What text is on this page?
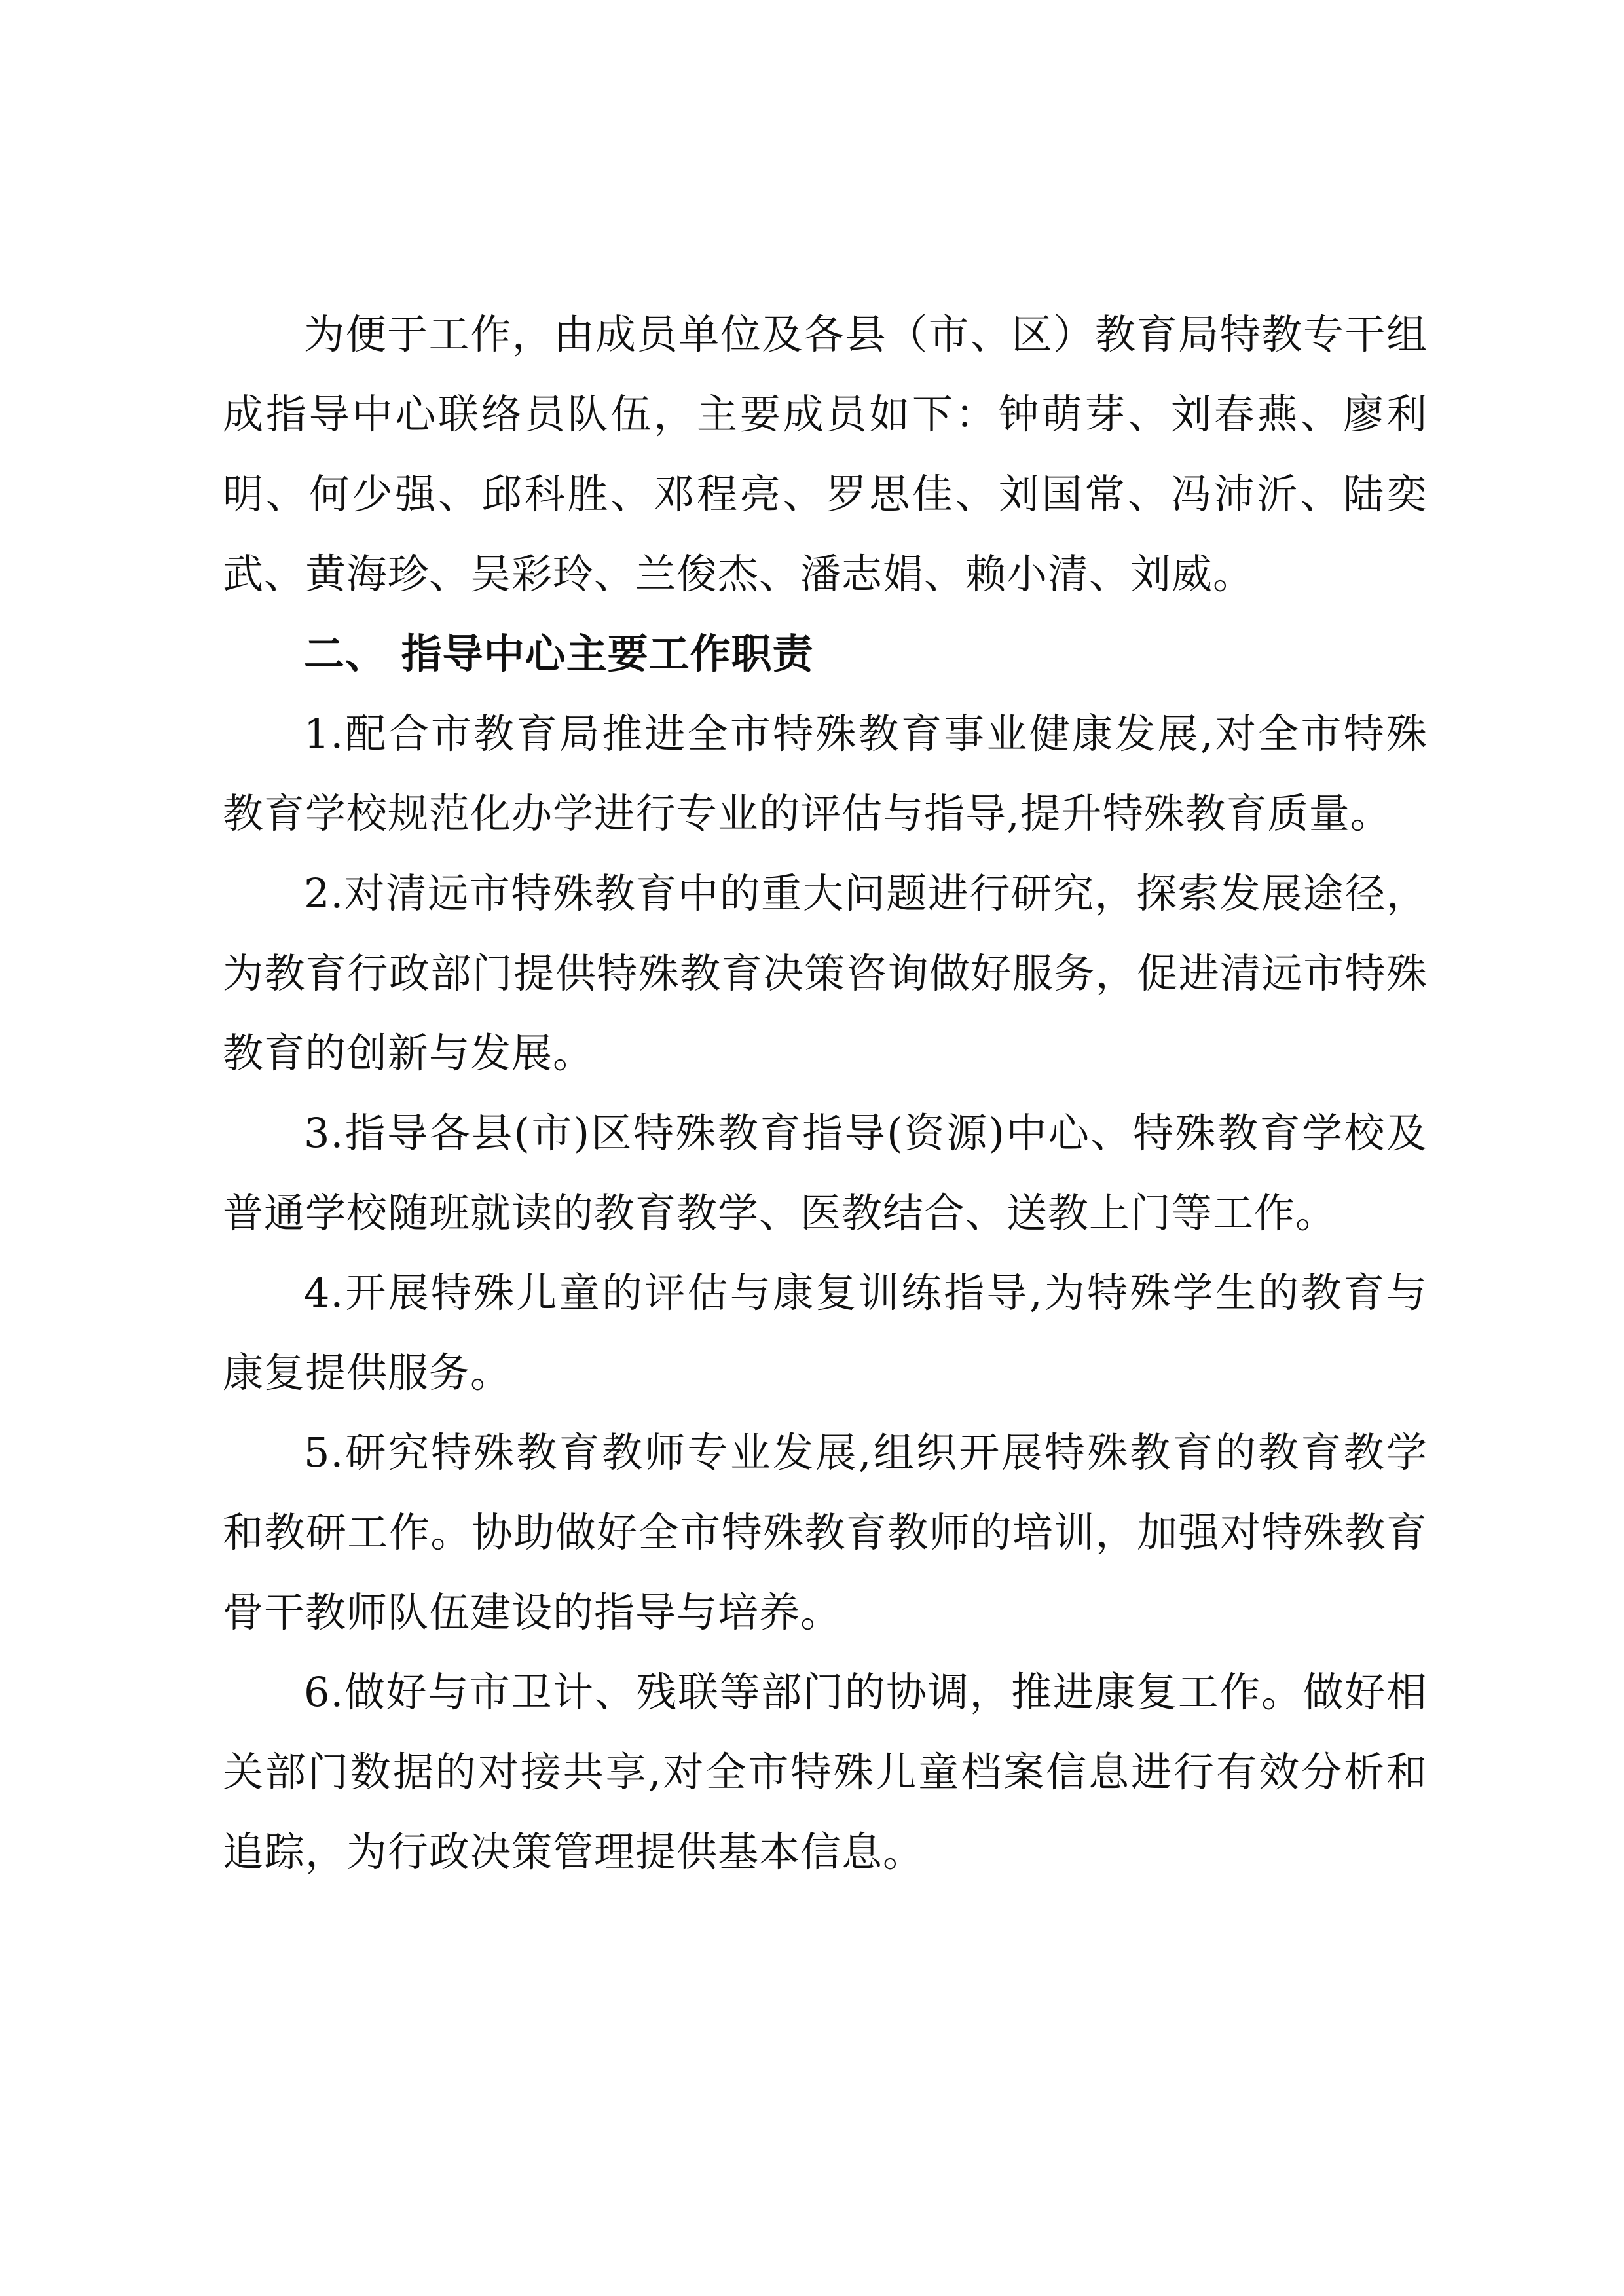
为便于工作，由成员单位及各县（市、区）教育局特教专干组成指导中心联络员队伍，主要成员如下：钟萌芽、刘春燕、廖利明、何少强、邱科胜、邓程亮、罗思佳、刘国常、冯沛沂、陆奕武、黄海珍、吴彩玲、兰俊杰、潘志娟、赖小清、刘威。

二、 指导中心主要工作职责

1.配合市教育局推进全市特殊教育事业健康发展,对全市特殊教育学校规范化办学进行专业的评估与指导,提升特殊教育质量。

2.对清远市特殊教育中的重大问题进行研究，探索发展途径，为教育行政部门提供特殊教育决策咨询做好服务，促进清远市特殊教育的创新与发展。

3.指导各县(市)区特殊教育指导(资源)中心、特殊教育学校及普通学校随班就读的教育教学、医教结合、送教上门等工作。

4.开展特殊儿童的评估与康复训练指导,为特殊学生的教育与康复提供服务。

5.研究特殊教育教师专业发展,组织开展特殊教育的教育教学和教研工作。协助做好全市特殊教育教师的培训，加强对特殊教育骨干教师队伍建设的指导与培养。

6.做好与市卫计、残联等部门的协调，推进康复工作。做好相关部门数据的对接共享,对全市特殊儿童档案信息进行有效分析和追踪，为行政决策管理提供基本信息。
